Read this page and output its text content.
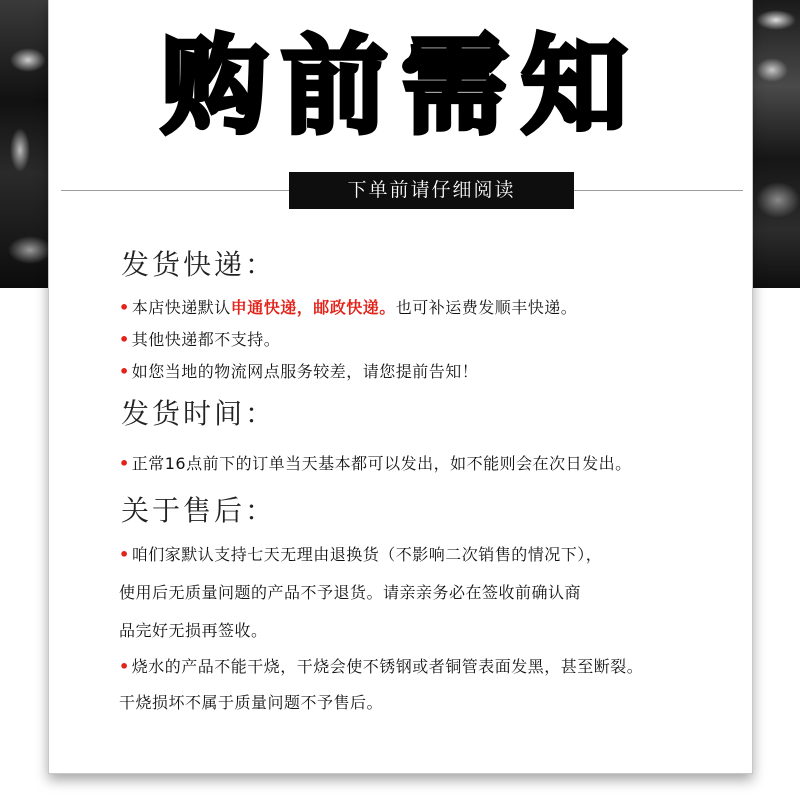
购前需知
下单前请仔细阅读
发货快递：
• 本店快递默认申通快递，邮政快递。也可补运费发顺丰快递。
• 其他快递都不支持。
• 如您当地的物流网点服务较差，请您提前告知！
发货时间：
• 正常16点前下的订单当天基本都可以发出，如不能则会在次日发出。
关于售后：
• 咱们家默认支持七天无理由退换货（不影响二次销售的情况下），
使用后无质量问题的产品不予退货。请亲亲务必在签收前确认商
品完好无损再签收。
• 烧水的产品不能干烧，干烧会使不锈钢或者铜管表面发黑，甚至断裂。
干烧损坏不属于质量问题不予售后。
